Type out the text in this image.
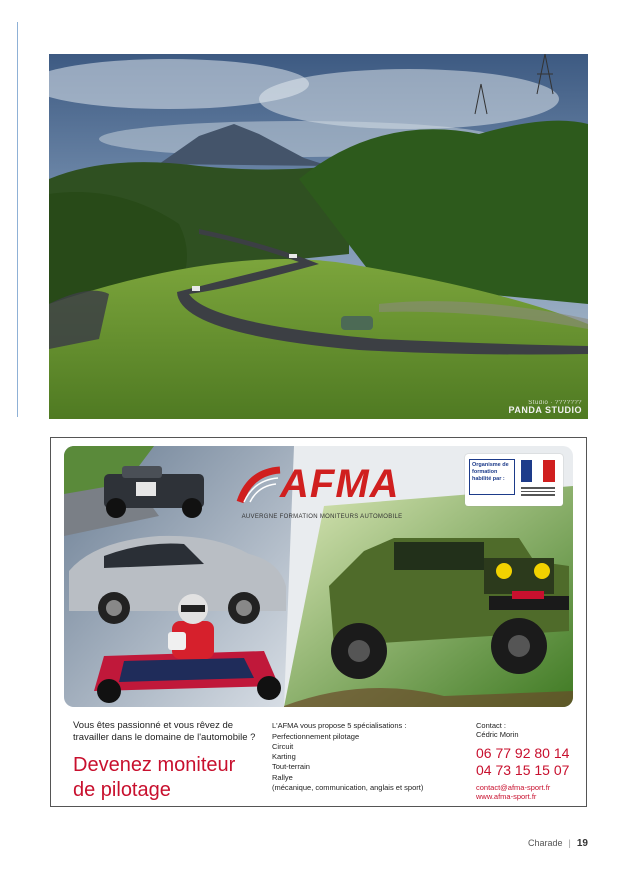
Studio · ???????
PANDA STUDIO
AFMA
AUVERGNE FORMATION MONITEURS AUTOMOBILE
Organisme de formation habilité par :
Vous êtes passionné et vous rêvez de travailler dans le domaine de l'automobile ?
Devenez moniteur
de pilotage
L'AFMA vous propose 5 spécialisations :
Perfectionnement pilotage
Circuit
Karting
Tout-terrain
Rallye
(mécanique, communication, anglais et sport)
Contact :
Cédric Morin
06 77 92 80 14
04 73 15 15 07
contact@afma-sport.fr
www.afma-sport.fr
Charade | 19
